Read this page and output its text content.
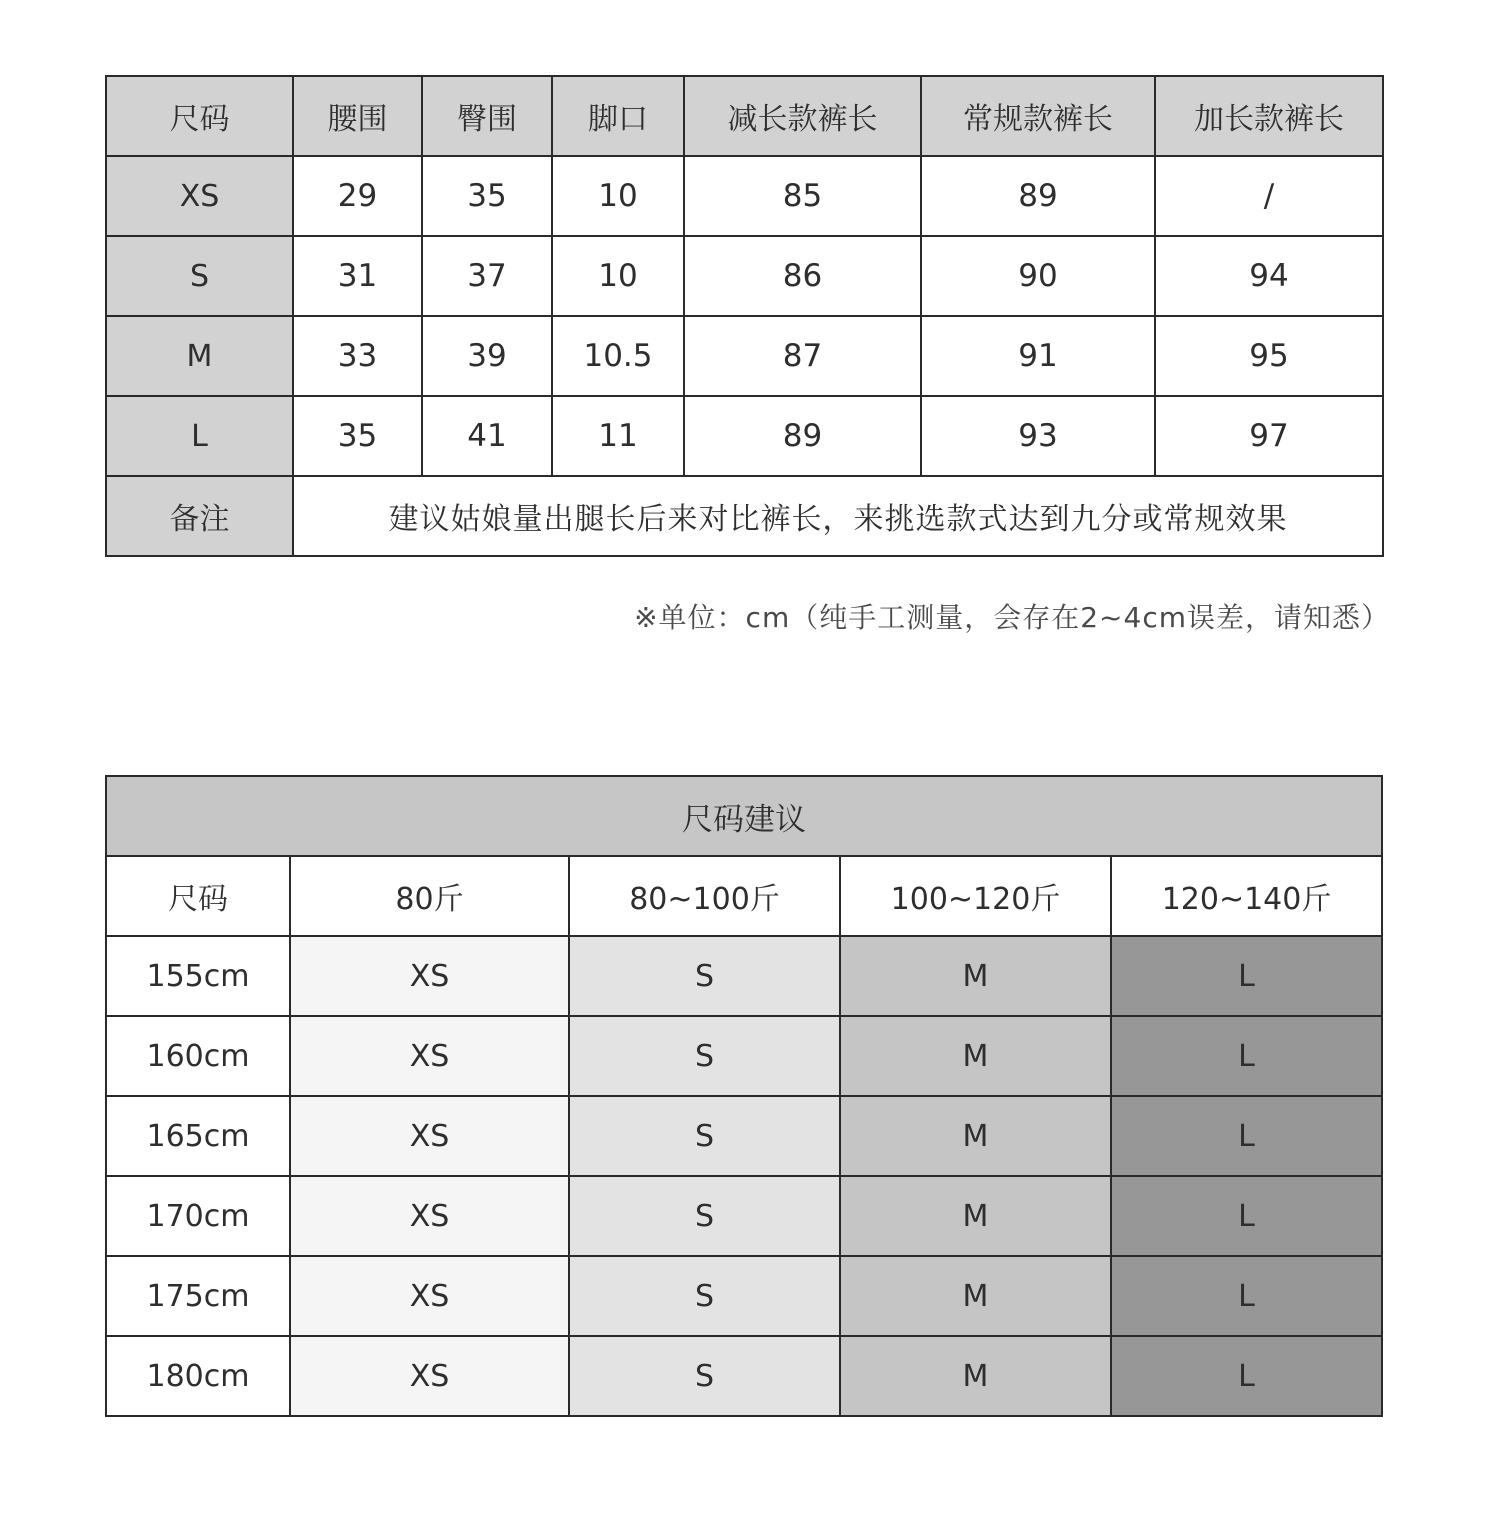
尺码	腰围	臀围	脚口	减长款裤长	常规款裤长	加长款裤长
XS	29	35	10	85	89	/
S	31	37	10	86	90	94
M	33	39	10.5	87	91	95
L	35	41	11	89	93	97
备注	建议姑娘量出腿长后来对比裤长，来挑选款式达到九分或常规效果					
※单位：cm（纯手工测量，会存在2~4cm误差，请知悉）
尺码建议				
尺码	80斤	80~100斤	100~120斤	120~140斤
155cm	XS	S	M	L
160cm	XS	S	M	L
165cm	XS	S	M	L
170cm	XS	S	M	L
175cm	XS	S	M	L
180cm	XS	S	M	L
